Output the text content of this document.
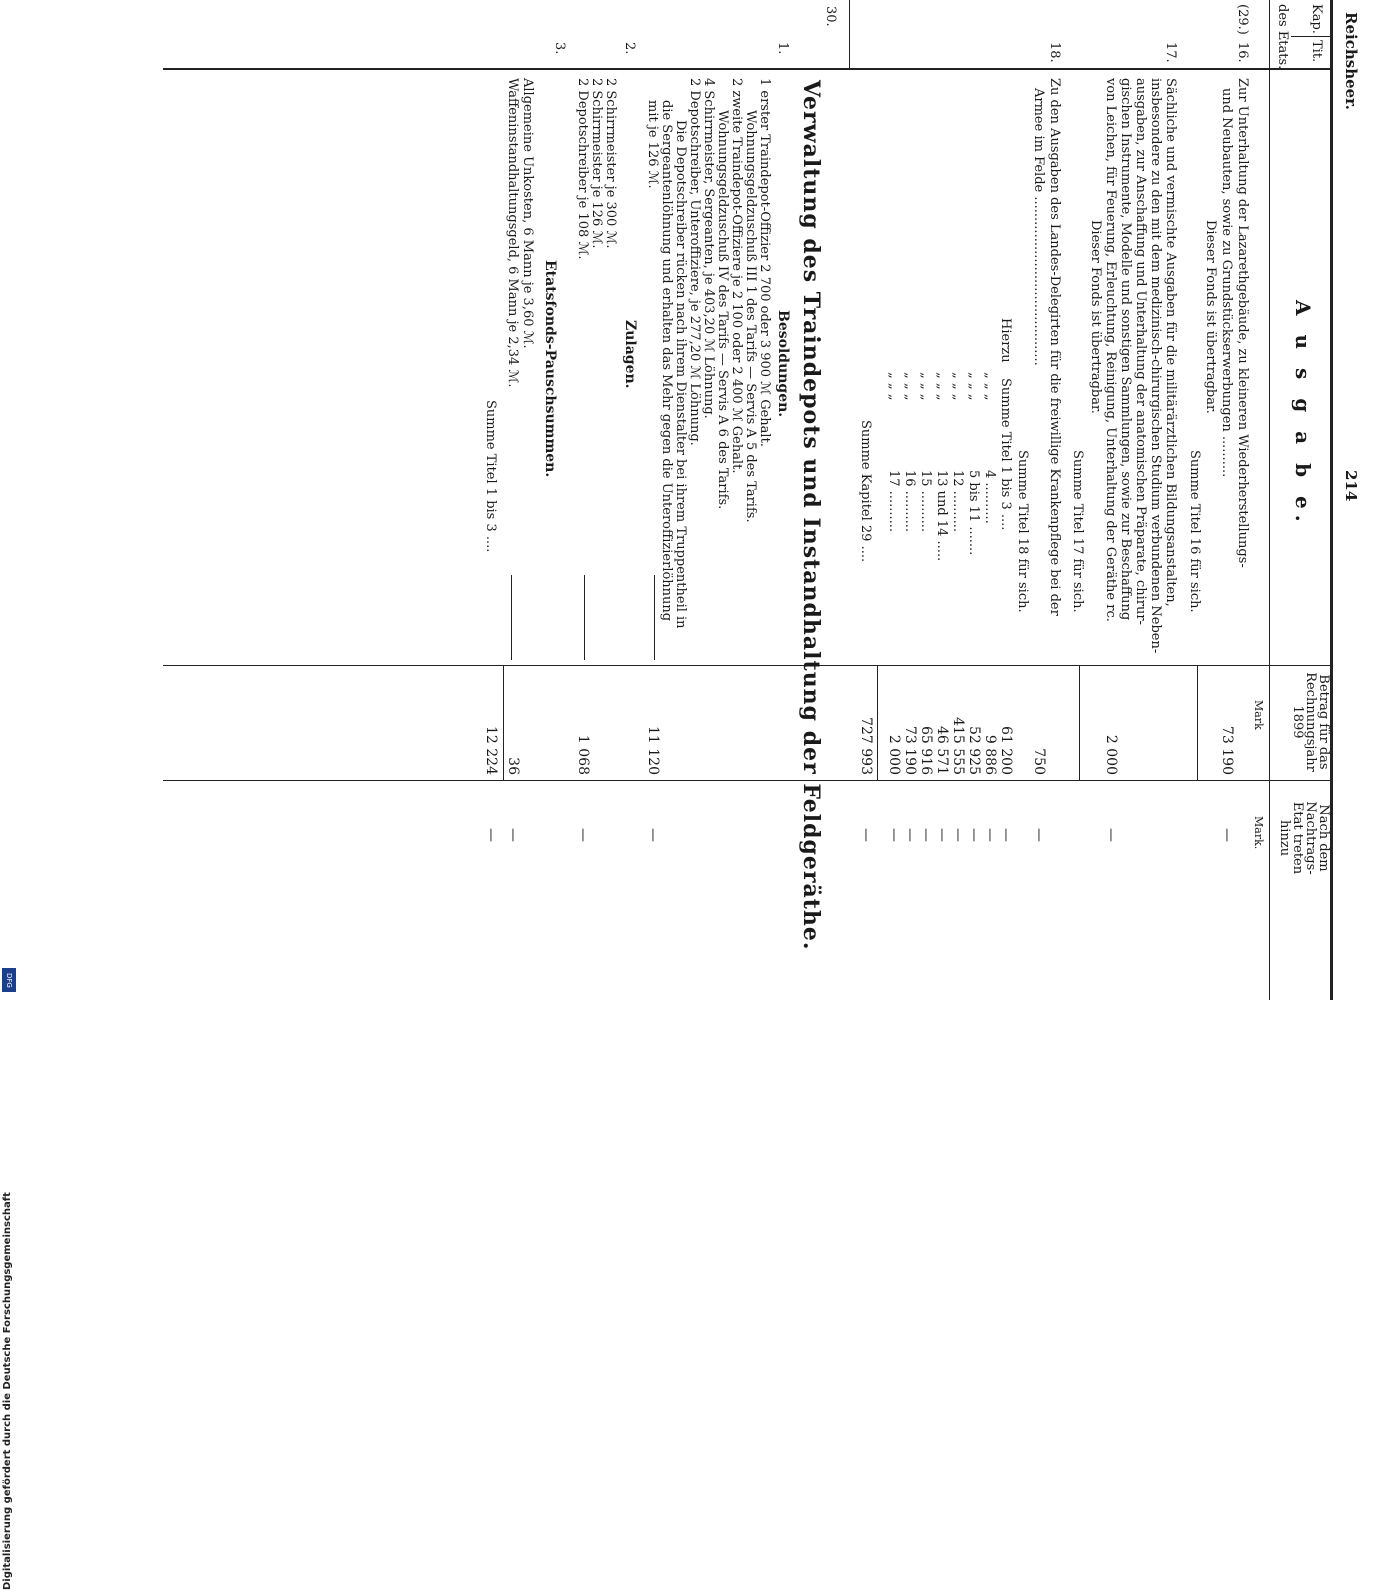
Reichsheer.
214
Kap.
Tit.
des Etats.
A u s g a b e.
Betrag für das Rechnungsjahr 1899
Nach dem Nachtrags-Etat treten hinzu
Mark
Mark.
(29.)
16.
Zur Unterhaltung der Lazarethgebäude, zu kleineren Wiederherstellungs-
und Neubauten, sowie zu Grundstückserwerbungen ..........
Dieser Fonds ist übertragbar.
Summe Titel 16 für sich.
73 190
—
17.
Sächliche und vermischte Ausgaben für die militärärztlichen Bildungsanstalten,
insbesondere zu den mit dem medizinisch-chirurgischen Studium verbundenen Neben-
ausgaben, zur Anschaffung und Unterhaltung der anatomischen Präparate, chirur-
gischen Instrumente, Modelle und sonstigen Sammlungen, sowie zur Beschaffung
von Leichen, für Feuerung, Erleuchtung, Reinigung, Unterhaltung der Geräthe rc.
Dieser Fonds ist übertragbar.
Summe Titel 17 für sich.
2 000
—
18.
Zu den Ausgaben des Landes-Delegirten für die freiwillige Krankenpflege bei der
Armee im Felde .........................................
Summe Titel 18 für sich.
750
—
Hierzu
Summe Titel 1 bis 3 ....
61 200
—
„ „ „
4 ..........
9 886
—
„ „ „
5 bis 11 .......
52 925
—
„ „ „
12 ..........
415 555
—
„ „ „
13 und 14 .....
46 571
—
„ „ „
15 ..........
65 916
—
„ „ „
16 ..........
73 190
—
„ „ „
17 ..........
2 000
—
Summe Kapitel 29 ....
727 993
—
30.
Verwaltung des Traindepots und Instandhaltung der Feldgeräthe.
1.
Besoldungen.
1 erster Traindepot-Offizier 2 700 oder 3 900 ℳ Gehalt.
Wohnungsgeldzuschuß III 1 des Tarifs — Servis A 5 des Tarifs.
2 zweite Traindepot-Offiziere je 2 100 oder 2 400 ℳ Gehalt.
Wohnungsgeldzuschuß IV des Tarifs — Servis A 6 des Tarifs.
4 Schirrmeister, Sergeanten, je 403,20 ℳ Löhnung.
2 Depotschreiber, Unteroffiziere, je 277,20 ℳ Löhnung.
Die Depotschreiber rücken nach ihrem Dienstalter bei ihrem Truppentheil in
die Sergeantenlöhnung und erhalten das Mehr gegen die Unteroffizierlöhnung
mit je 126 ℳ.
11 120
—
2.
Zulagen.
2 Schirrmeister je 300 ℳ.
2 Schirrmeister je 126 ℳ.
2 Depotschreiber je 108 ℳ.
1 068
—
3.
Etatsfonds-Pauschsummen.
Allgemeine Unkosten, 6 Mann je 3,60 ℳ.
Waffeninstandhaltungsgeld, 6 Mann je 2,34 ℳ.
36
—
Summe Titel 1 bis 3 ....
12 224
—
Digitalisierung gefördert durch die Deutsche Forschungsgemeinschaft
DFG
